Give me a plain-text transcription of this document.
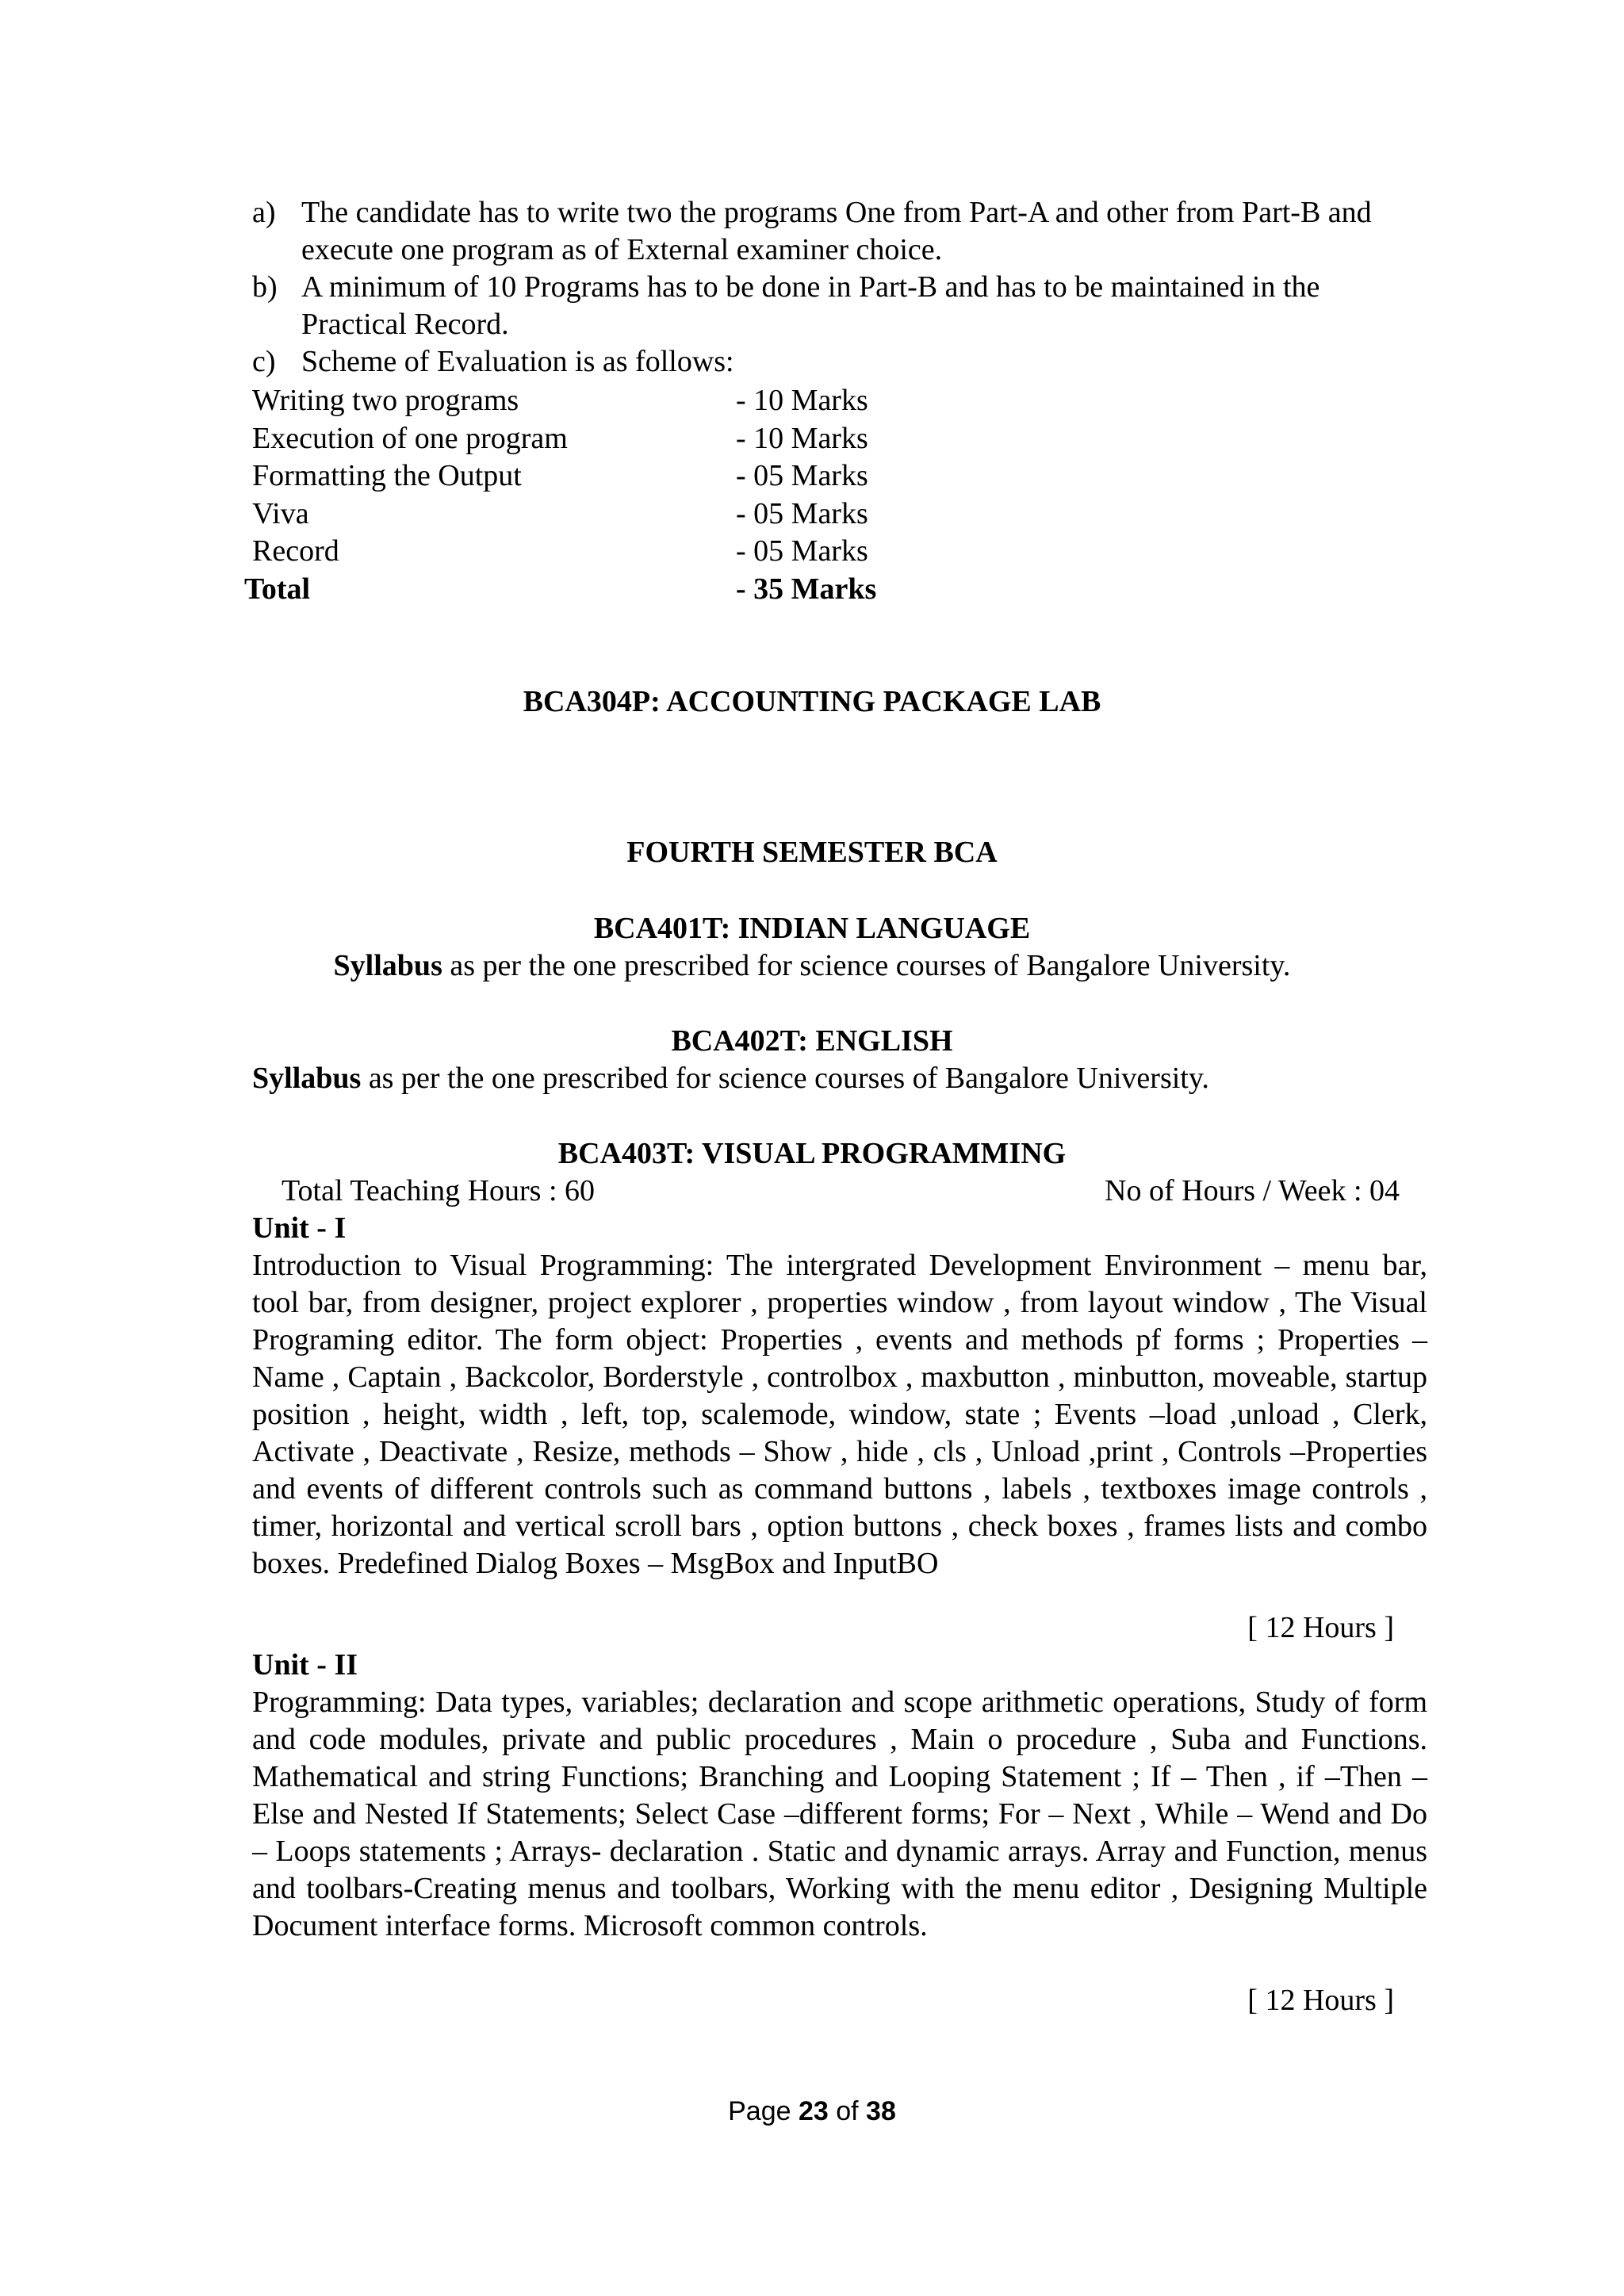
a) The candidate has to write two the programs One from Part-A and other from Part-B and execute one program as of External examiner choice.
b) A minimum of 10 Programs has to be done in Part-B and has to be maintained in the Practical Record.
c) Scheme of Evaluation is as follows:
Writing two programs	- 10 Marks
Execution of one program	- 10 Marks
Formatting the Output	- 05 Marks
Viva	- 05 Marks
Record	- 05 Marks
Total	- 35 Marks
BCA304P: ACCOUNTING PACKAGE LAB
FOURTH SEMESTER BCA
BCA401T: INDIAN LANGUAGE
Syllabus as per the one prescribed for science courses of Bangalore University.
BCA402T: ENGLISH
Syllabus as per the one prescribed for science courses of Bangalore University.
BCA403T: VISUAL PROGRAMMING
Total Teaching Hours : 60	No of Hours / Week : 04
Unit - I
Introduction to Visual Programming: The intergrated Development Environment – menu bar, tool bar, from designer, project explorer , properties window , from layout window , The Visual Programing editor. The form object: Properties , events and methods pf forms ; Properties – Name , Captain , Backcolor, Borderstyle , controlbox , maxbutton , minbutton, moveable, startup position , height, width , left, top, scalemode, window, state ; Events –load ,unload , Clerk, Activate , Deactivate , Resize, methods – Show , hide , cls , Unload ,print , Controls –Properties and events of different controls such as command buttons , labels , textboxes image controls , timer, horizontal and vertical scroll bars , option buttons , check boxes , frames lists and combo boxes. Predefined Dialog Boxes – MsgBox and InputBO
[ 12 Hours ]
Unit - II
Programming: Data types, variables; declaration and scope arithmetic operations, Study of form and code modules, private and public procedures , Main o procedure , Suba and Functions. Mathematical and string Functions; Branching and Looping Statement ; If – Then , if –Then –Else and Nested If Statements; Select Case –different forms; For – Next , While – Wend and Do – Loops statements ; Arrays- declaration . Static and dynamic arrays. Array and Function, menus and toolbars-Creating menus and toolbars, Working with the menu editor , Designing Multiple Document interface forms. Microsoft common controls.
[ 12 Hours ]
Page 23 of 38
